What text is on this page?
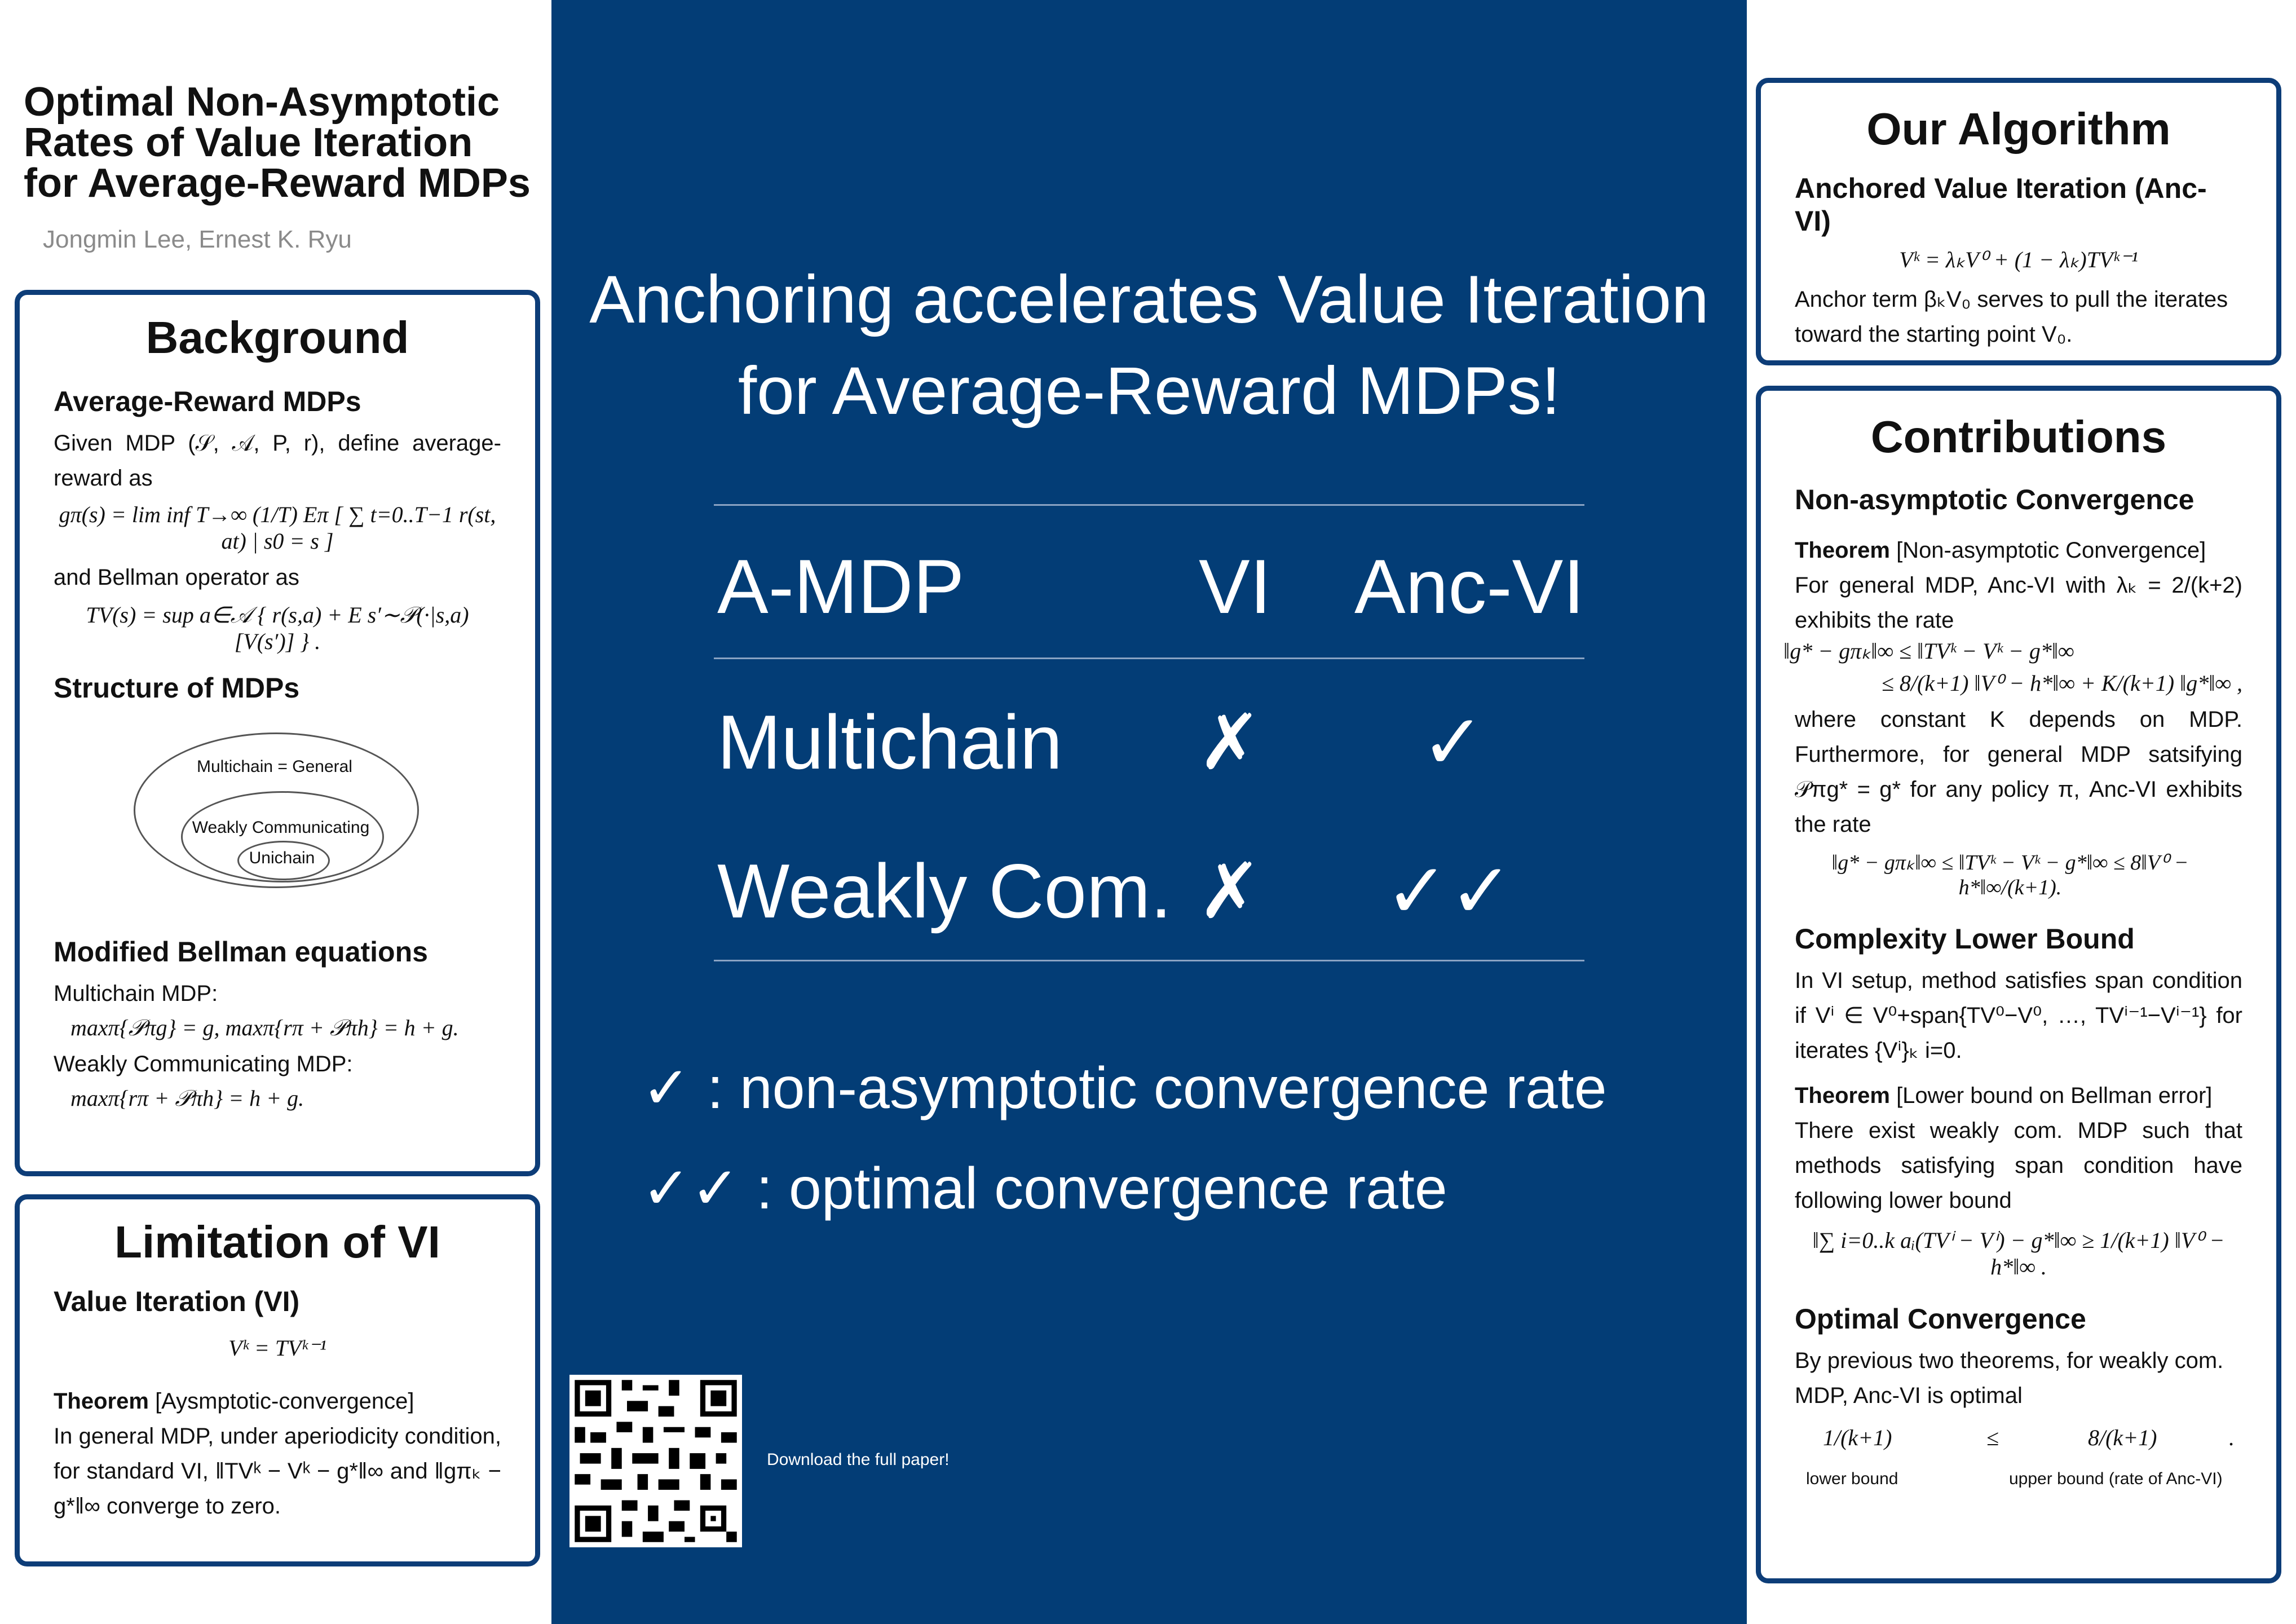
Optimal Non-Asymptotic
Rates of Value Iteration
for Average-Reward MDPs
Jongmin Lee, Ernest K. Ryu
Background
Average-Reward MDPs

Given MDP (𝒮, 𝒜, P, r), define average-reward as

gπ(s) = lim inf T→∞ (1/T) Eπ [ ∑ t=0..T−1 r(st, at) | s0 = s ]

and Bellman operator as

TV(s) = sup a∈𝒜 { r(s,a) + E s′∼𝒫(·|s,a) [V(s′)] } .
Structure of MDPs
Multichain = General
Weakly Communicating
Unichain
Modified Bellman equations

Multichain MDP:

maxπ{𝒫πg} = g, maxπ{rπ + 𝒫πh} = h + g.

Weakly Communicating MDP:

maxπ{rπ + 𝒫πh} = h + g.
Limitation of VI
Value Iteration (VI)
Vᵏ = TVᵏ⁻¹

Theorem [Aysmptotic-convergence]

In general MDP, under aperiodicity condition, for standard VI, ‖TVᵏ − Vᵏ − g*‖∞ and ‖gπₖ − g*‖∞ converge to zero.

Anchoring accelerates Value Iteration
for Average-Reward MDPs!
A-MDP	VI Anc-VI
Multichain ✗ ✓
Weakly Com. ✗ ✓✓
✓ : non-asymptotic convergence rate
✓✓ : optimal convergence rate
Download the full paper!
Our Algorithm
Anchored Value Iteration (Anc-VI)
Vᵏ = λₖV⁰ + (1 − λₖ)TVᵏ⁻¹

Anchor term βₖV₀ serves to pull the iterates toward the starting point V₀.

Contributions
Non-asymptotic Convergence

Theorem [Non-asymptotic Convergence]

For general MDP, Anc-VI with λₖ = 2/(k+2) exhibits the rate

‖g* − gπₖ‖∞ ≤ ‖TVᵏ − Vᵏ − g*‖∞
≤ 8/(k+1) ‖V⁰ − h*‖∞ + K/(k+1) ‖g*‖∞ ,

where constant K depends on MDP. Furthermore, for general MDP satsifying 𝒫πg* = g* for any policy π, Anc-VI exhibits the rate

‖g* − gπₖ‖∞ ≤ ‖TVᵏ − Vᵏ − g*‖∞ ≤ 8‖V⁰ − h*‖∞/(k+1).
Complexity Lower Bound

In VI setup, method satisfies span condition if Vⁱ ∈ V⁰+span{TV⁰−V⁰, …, TVⁱ⁻¹−Vⁱ⁻¹} for iterates {Vⁱ}ₖ i=0.

Theorem [Lower bound on Bellman error]

There exist weakly com. MDP such that methods satisfying span condition have following lower bound

‖∑ i=0..k aᵢ(TVⁱ − Vⁱ) − g*‖∞ ≥ 1/(k+1) ‖V⁰ − h*‖∞ .
Optimal Convergence

By previous two theorems, for weakly com. MDP, Anc-VI is optimal

1/(k+1)	≤	8/(k+1)	.
lower bound	upper bound (rate of Anc-VI)
